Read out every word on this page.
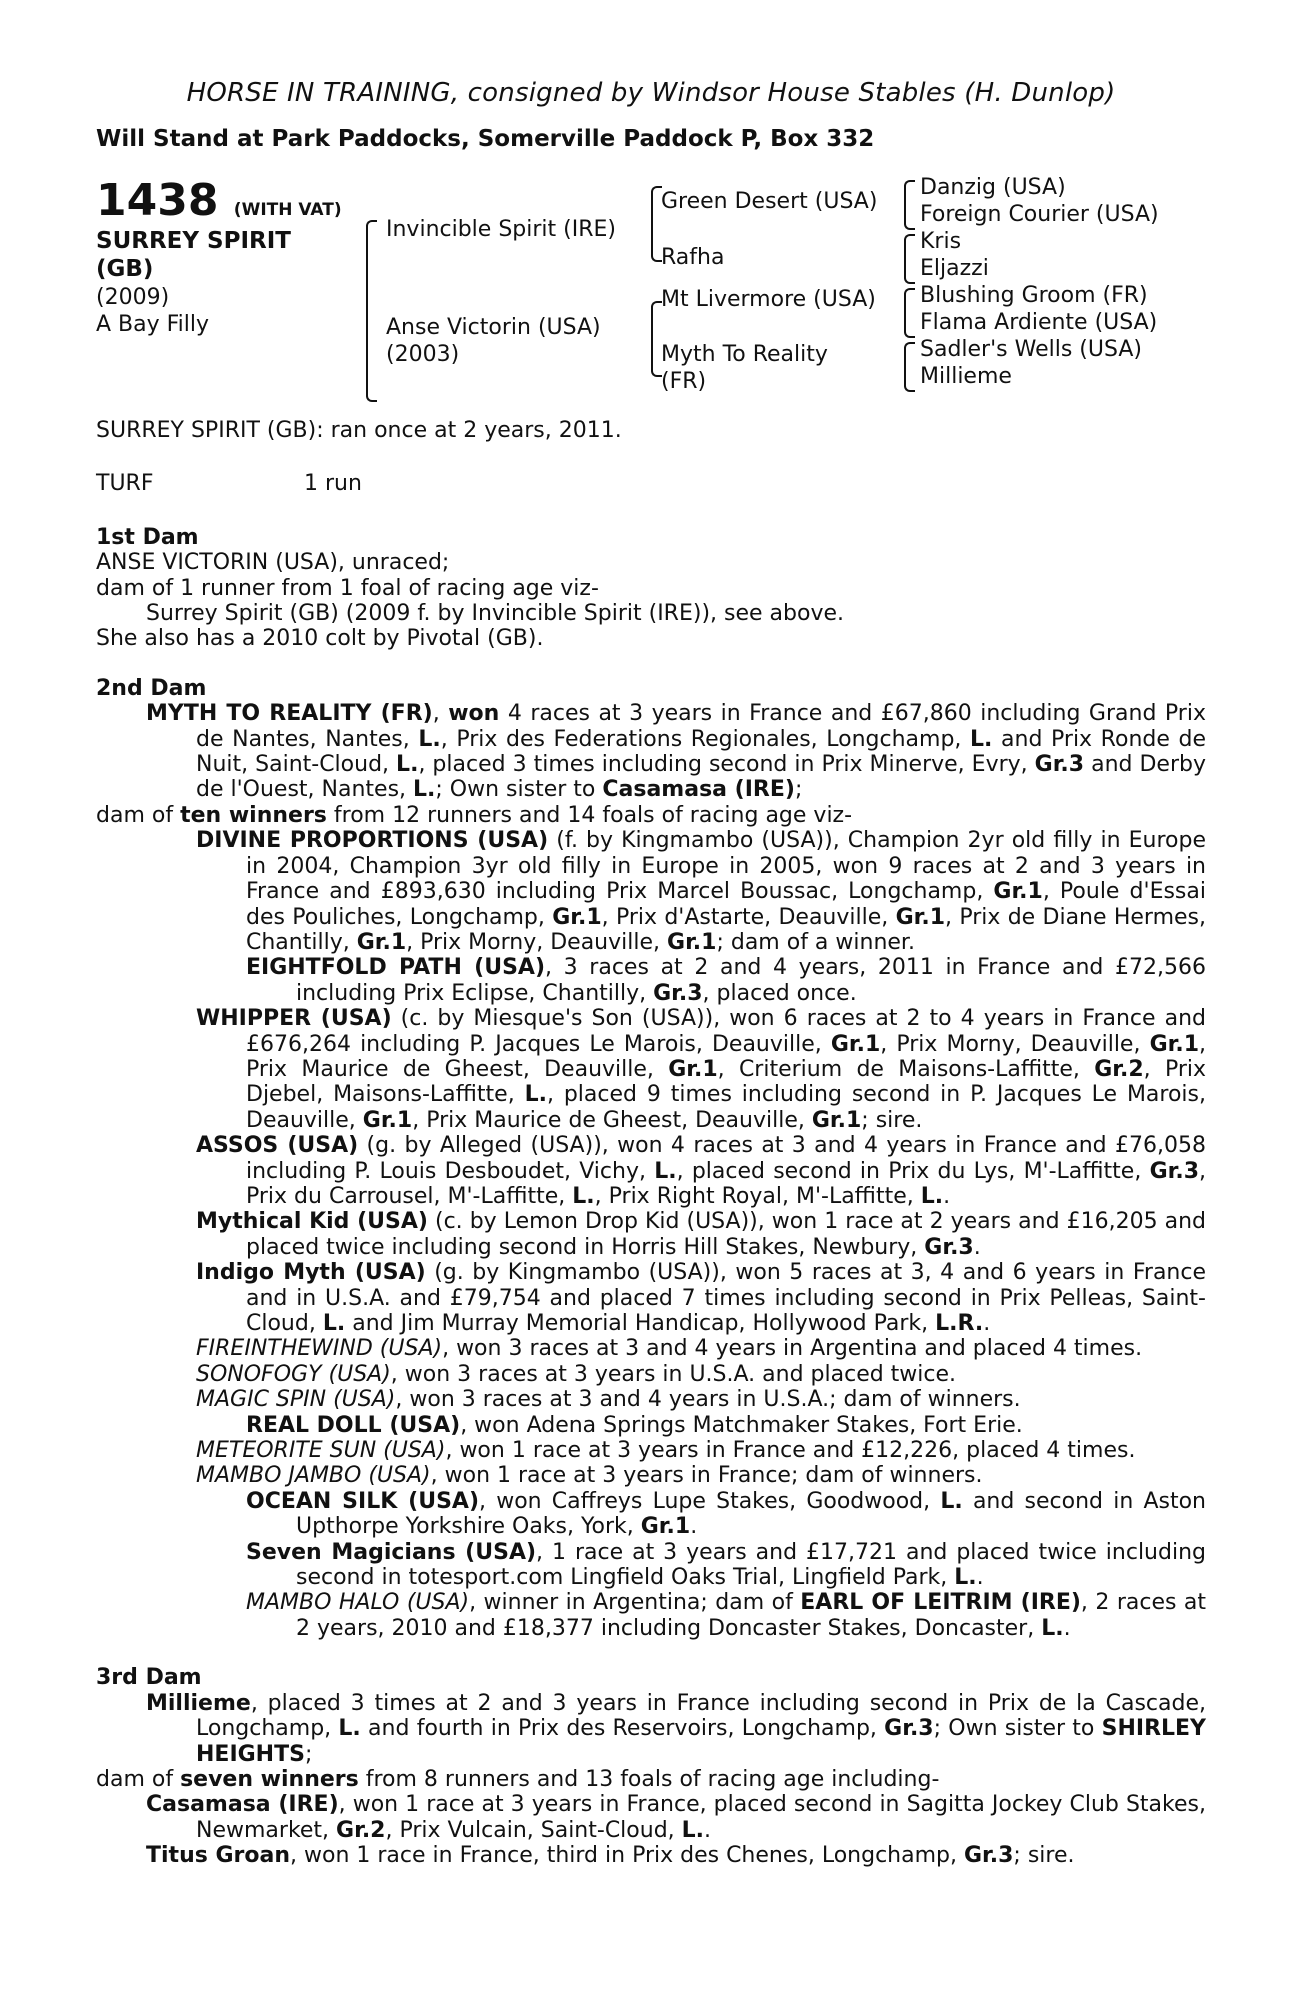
HORSE IN TRAINING, consigned by Windsor House Stables (H. Dunlop)
Will Stand at Park Paddocks, Somerville Paddock P, Box 332
1438 (WITH VAT)
SURREY SPIRIT
(GB)
(2009)
A Bay Filly
Invincible Spirit (IRE)
Anse Victorin (USA)
(2003)
Green Desert (USA)
Rafha
Mt Livermore (USA)
Myth To Reality
(FR)
Danzig (USA)
Foreign Courier (USA)
Kris
Eljazzi
Blushing Groom (FR)
Flama Ardiente (USA)
Sadler's Wells (USA)
Millieme

SURREY SPIRIT (GB): ran once at 2 years, 2011.

TURF	1 run

1st Dam

ANSE VICTORIN (USA), unraced;

dam of 1 runner from 1 foal of racing age viz-

Surrey Spirit (GB) (2009 f. by Invincible Spirit (IRE)), see above.

She also has a 2010 colt by Pivotal (GB).

2nd Dam

MYTH TO REALITY (FR), won 4 races at 3 years in France and £67,860 including Grand Prix de Nantes, Nantes, L., Prix des Federations Regionales, Longchamp, L. and Prix Ronde de Nuit, Saint-Cloud, L., placed 3 times including second in Prix Minerve, Evry, Gr.3 and Derby de l'Ouest, Nantes, L.; Own sister to Casamasa (IRE);

dam of ten winners from 12 runners and 14 foals of racing age viz-

DIVINE PROPORTIONS (USA) (f. by Kingmambo (USA)), Champion 2yr old filly in Europe in 2004, Champion 3yr old filly in Europe in 2005, won 9 races at 2 and 3 years in France and £893,630 including Prix Marcel Boussac, Longchamp, Gr.1, Poule d'Essai des Pouliches, Longchamp, Gr.1, Prix d'Astarte, Deauville, Gr.1, Prix de Diane Hermes, Chantilly, Gr.1, Prix Morny, Deauville, Gr.1; dam of a winner.

EIGHTFOLD PATH (USA), 3 races at 2 and 4 years, 2011 in France and £72,566 including Prix Eclipse, Chantilly, Gr.3, placed once.

WHIPPER (USA) (c. by Miesque's Son (USA)), won 6 races at 2 to 4 years in France and £676,264 including P. Jacques Le Marois, Deauville, Gr.1, Prix Morny, Deauville, Gr.1, Prix Maurice de Gheest, Deauville, Gr.1, Criterium de Maisons-Laffitte, Gr.2, Prix Djebel, Maisons-Laffitte, L., placed 9 times including second in P. Jacques Le Marois, Deauville, Gr.1, Prix Maurice de Gheest, Deauville, Gr.1; sire.

ASSOS (USA) (g. by Alleged (USA)), won 4 races at 3 and 4 years in France and £76,058 including P. Louis Desboudet, Vichy, L., placed second in Prix du Lys, M'-Laffitte, Gr.3, Prix du Carrousel, M'-Laffitte, L., Prix Right Royal, M'-Laffitte, L..

Mythical Kid (USA) (c. by Lemon Drop Kid (USA)), won 1 race at 2 years and £16,205 and placed twice including second in Horris Hill Stakes, Newbury, Gr.3.

Indigo Myth (USA) (g. by Kingmambo (USA)), won 5 races at 3, 4 and 6 years in France and in U.S.A. and £79,754 and placed 7 times including second in Prix Pelleas, Saint-Cloud, L. and Jim Murray Memorial Handicap, Hollywood Park, L.R..

FIREINTHEWIND (USA), won 3 races at 3 and 4 years in Argentina and placed 4 times.

SONOFOGY (USA), won 3 races at 3 years in U.S.A. and placed twice.

MAGIC SPIN (USA), won 3 races at 3 and 4 years in U.S.A.; dam of winners.

REAL DOLL (USA), won Adena Springs Matchmaker Stakes, Fort Erie.

METEORITE SUN (USA), won 1 race at 3 years in France and £12,226, placed 4 times.

MAMBO JAMBO (USA), won 1 race at 3 years in France; dam of winners.

OCEAN SILK (USA), won Caffreys Lupe Stakes, Goodwood, L. and second in Aston Upthorpe Yorkshire Oaks, York, Gr.1.

Seven Magicians (USA), 1 race at 3 years and £17,721 and placed twice including second in totesport.com Lingfield Oaks Trial, Lingfield Park, L..

MAMBO HALO (USA), winner in Argentina; dam of EARL OF LEITRIM (IRE), 2 races at 2 years, 2010 and £18,377 including Doncaster Stakes, Doncaster, L..

3rd Dam

Millieme, placed 3 times at 2 and 3 years in France including second in Prix de la Cascade, Longchamp, L. and fourth in Prix des Reservoirs, Longchamp, Gr.3; Own sister to SHIRLEY HEIGHTS;

dam of seven winners from 8 runners and 13 foals of racing age including-

Casamasa (IRE), won 1 race at 3 years in France, placed second in Sagitta Jockey Club Stakes, Newmarket, Gr.2, Prix Vulcain, Saint-Cloud, L..

Titus Groan, won 1 race in France, third in Prix des Chenes, Longchamp, Gr.3; sire.
